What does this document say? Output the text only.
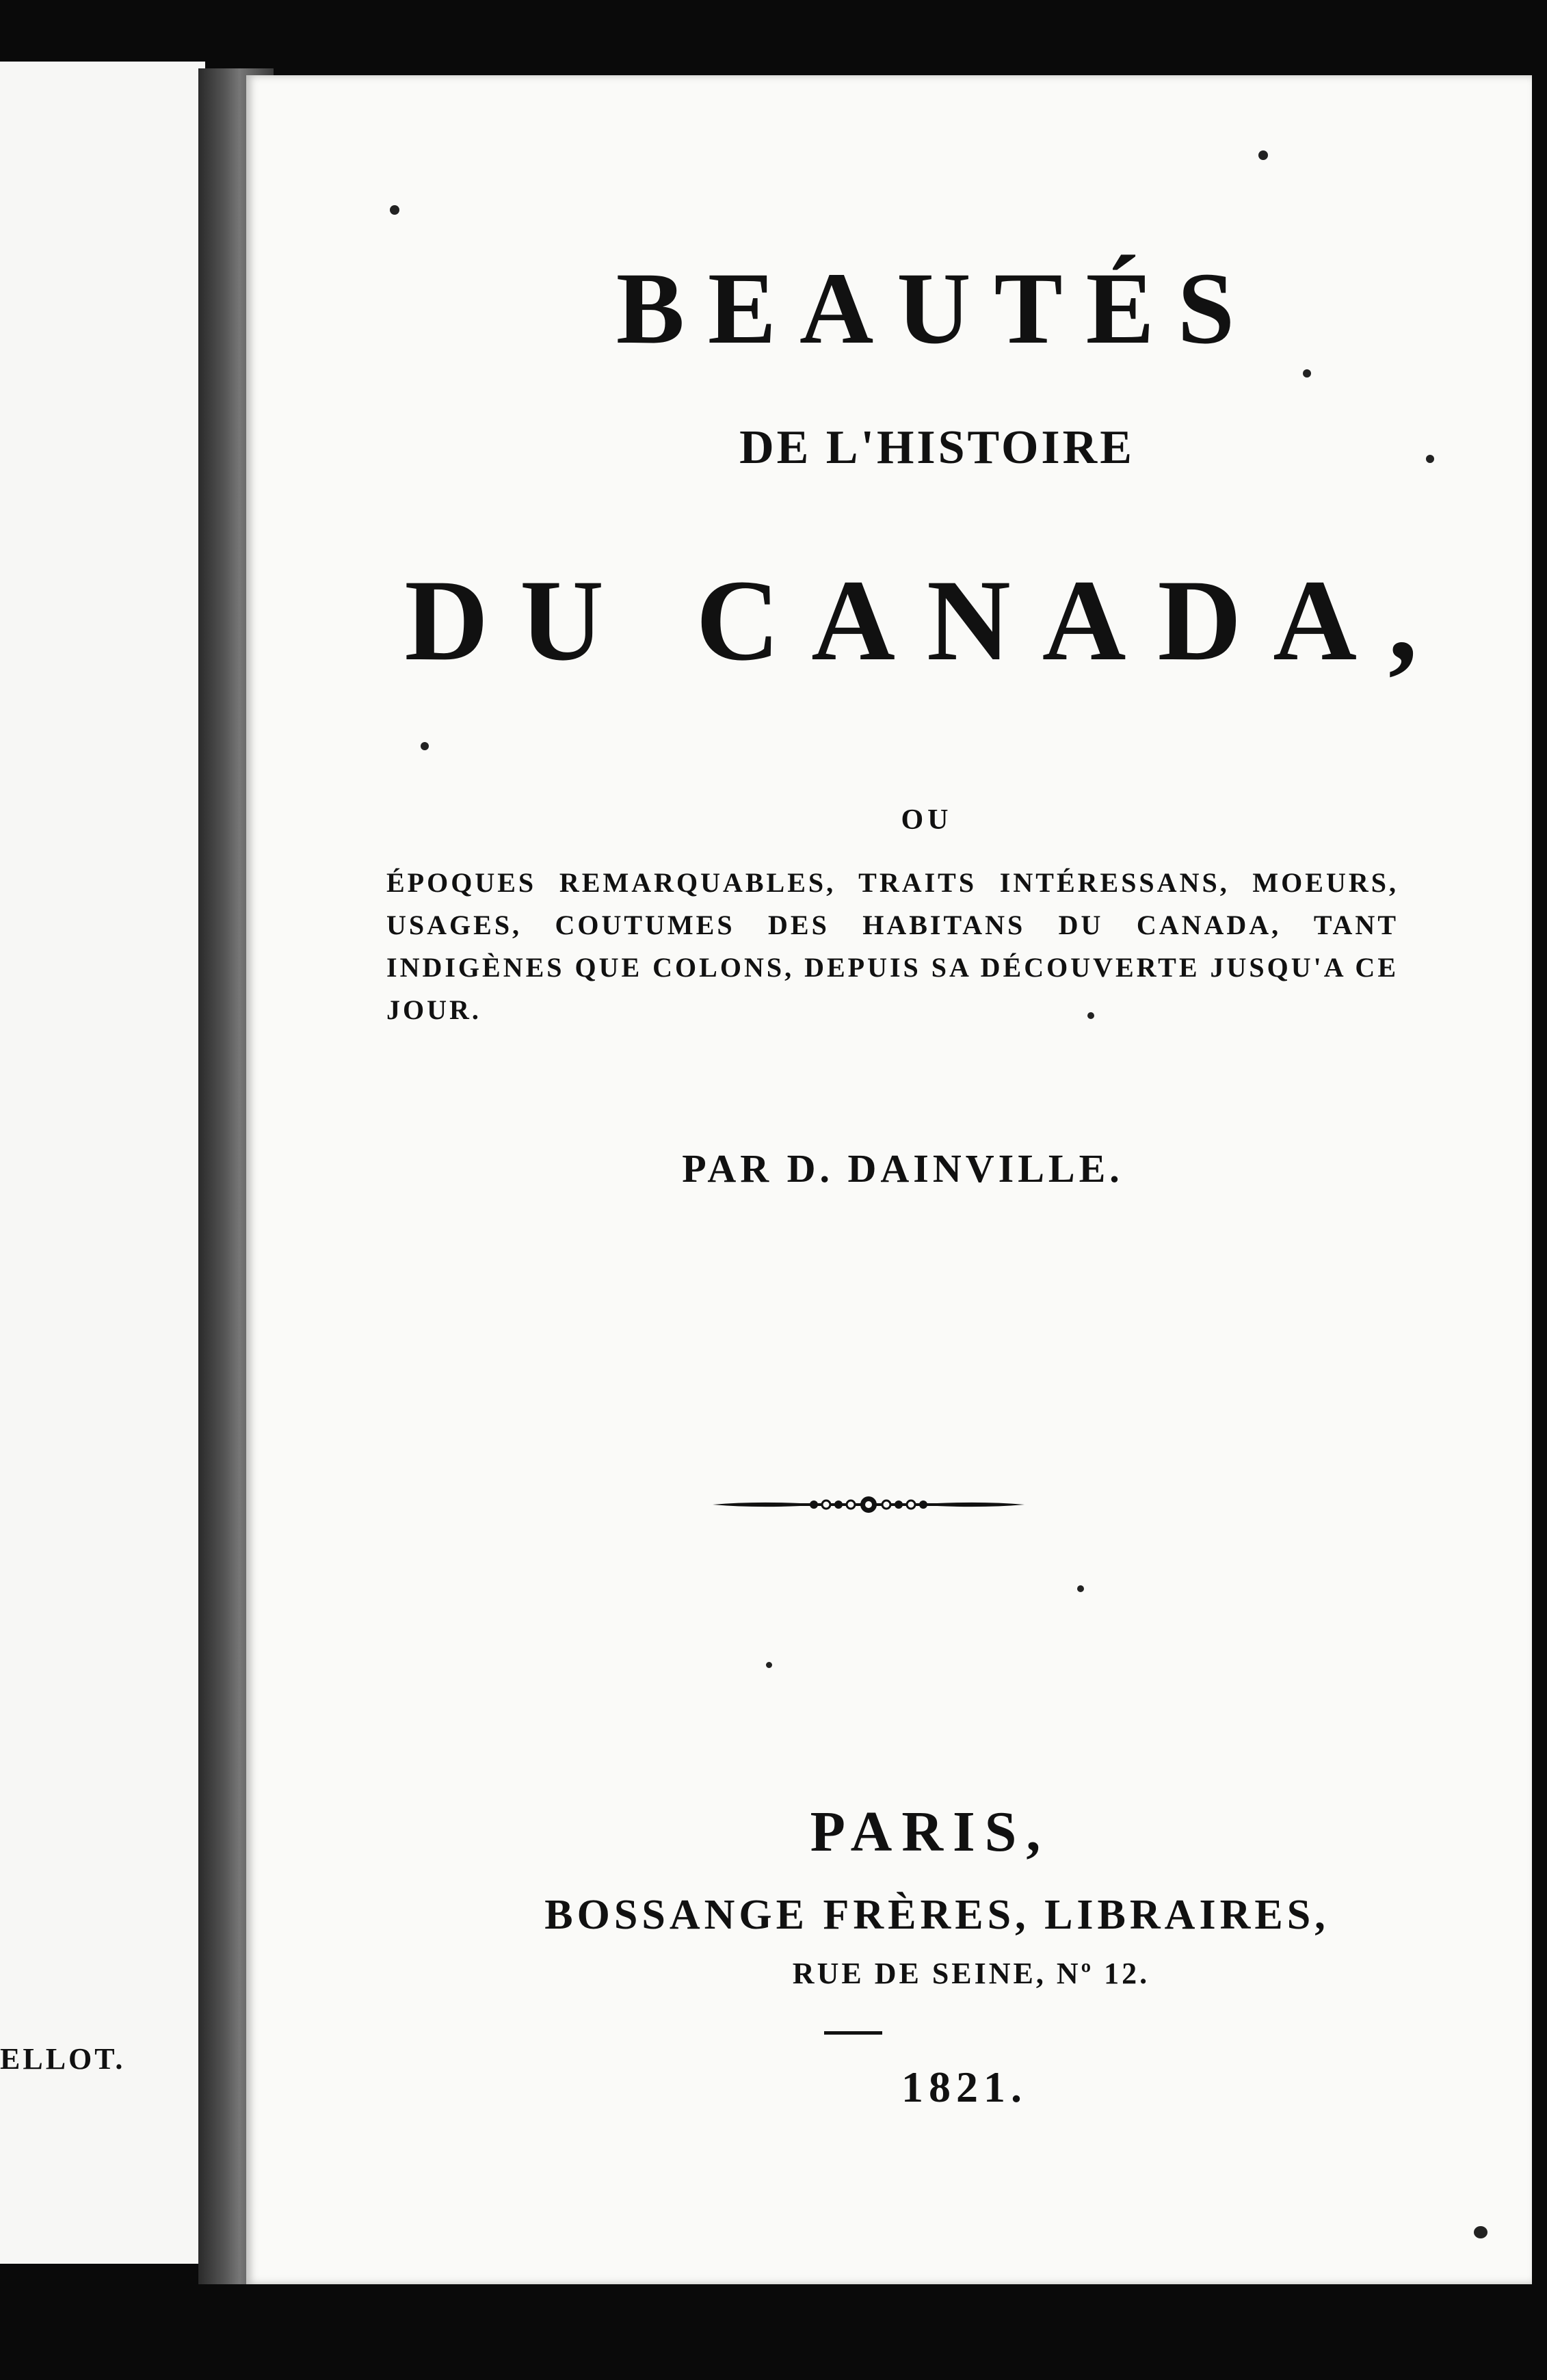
ELLOT.
BEAUTÉS
DE L'HISTOIRE
DU CANADA,
OU
ÉPOQUES REMARQUABLES, TRAITS INTÉRESSANS, MOEURS, USAGES, COUTUMES DES HABITANS DU CANADA, TANT INDIGÈNES QUE COLONS, DEPUIS SA DÉCOUVERTE JUSQU'A CE JOUR.
PAR D. DAINVILLE.
PARIS,
BOSSANGE FRÈRES, LIBRAIRES,
RUE DE SEINE, Nº 12.
1821.
